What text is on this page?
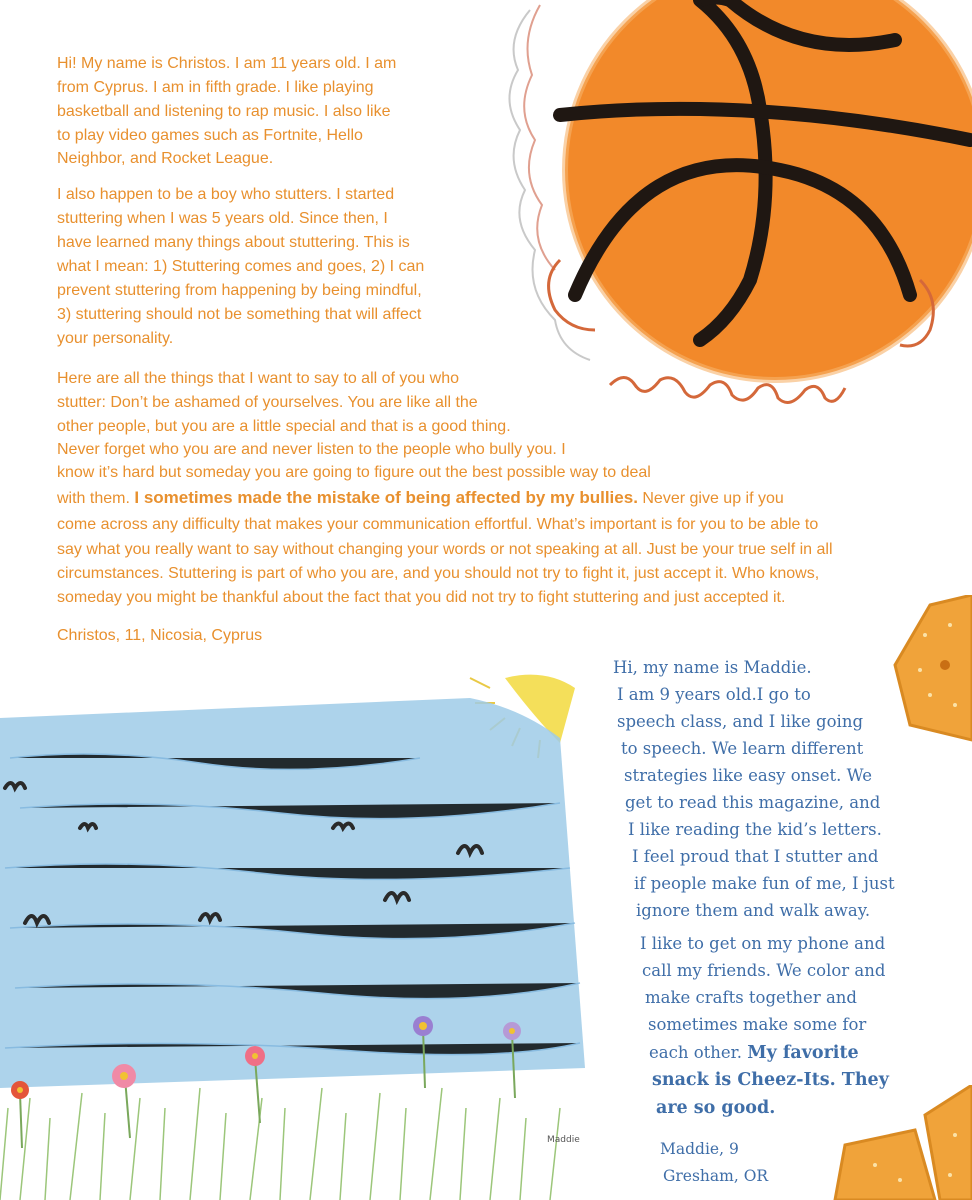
Hi! My name is Christos. I am 11 years old. I am
from Cyprus. I am in fifth grade. I like playing
basketball and listening to rap music. I also like
to play video games such as Fortnite, Hello
Neighbor, and Rocket League.
I also happen to be a boy who stutters. I started
stuttering when I was 5 years old. Since then, I
have learned many things about stuttering. This is
what I mean: 1) Stuttering comes and goes, 2) I can
prevent stuttering from happening by being mindful,
3) stuttering should not be something that will affect
your personality.
Here are all the things that I want to say to all of you who
stutter: Don’t be ashamed of yourselves. You are like all the
other people, but you are a little special and that is a good thing.
Never forget who you are and never listen to the people who bully you. I
know it’s hard but someday you are going to figure out the best possible way to deal
with them. I sometimes made the mistake of being affected by my bullies. Never give up if you
come across any difficulty that makes your communication effortful. What’s important is for you to be able to
say what you really want to say without changing your words or not speaking at all. Just be your true self in all
circumstances. Stuttering is part of who you are, and you should not try to fight it, just accept it. Who knows,
someday you might be thankful about the fact that you did not try to fight stuttering and just accepted it.
Christos, 11, Nicosia, Cyprus
Maddie
Hi, my name is Maddie.
I am 9 years old.I go to
speech class, and I like going
to speech. We learn different
strategies like easy onset. We
get to read this magazine, and
I like reading the kid’s letters.
I feel proud that I stutter and
if people make fun of me, I just
ignore them and walk away.
I like to get on my phone and
call my friends. We color and
make crafts together and
sometimes make some for
each other. My favorite
snack is Cheez-Its. They
are so good.
Maddie, 9
Gresham, OR
